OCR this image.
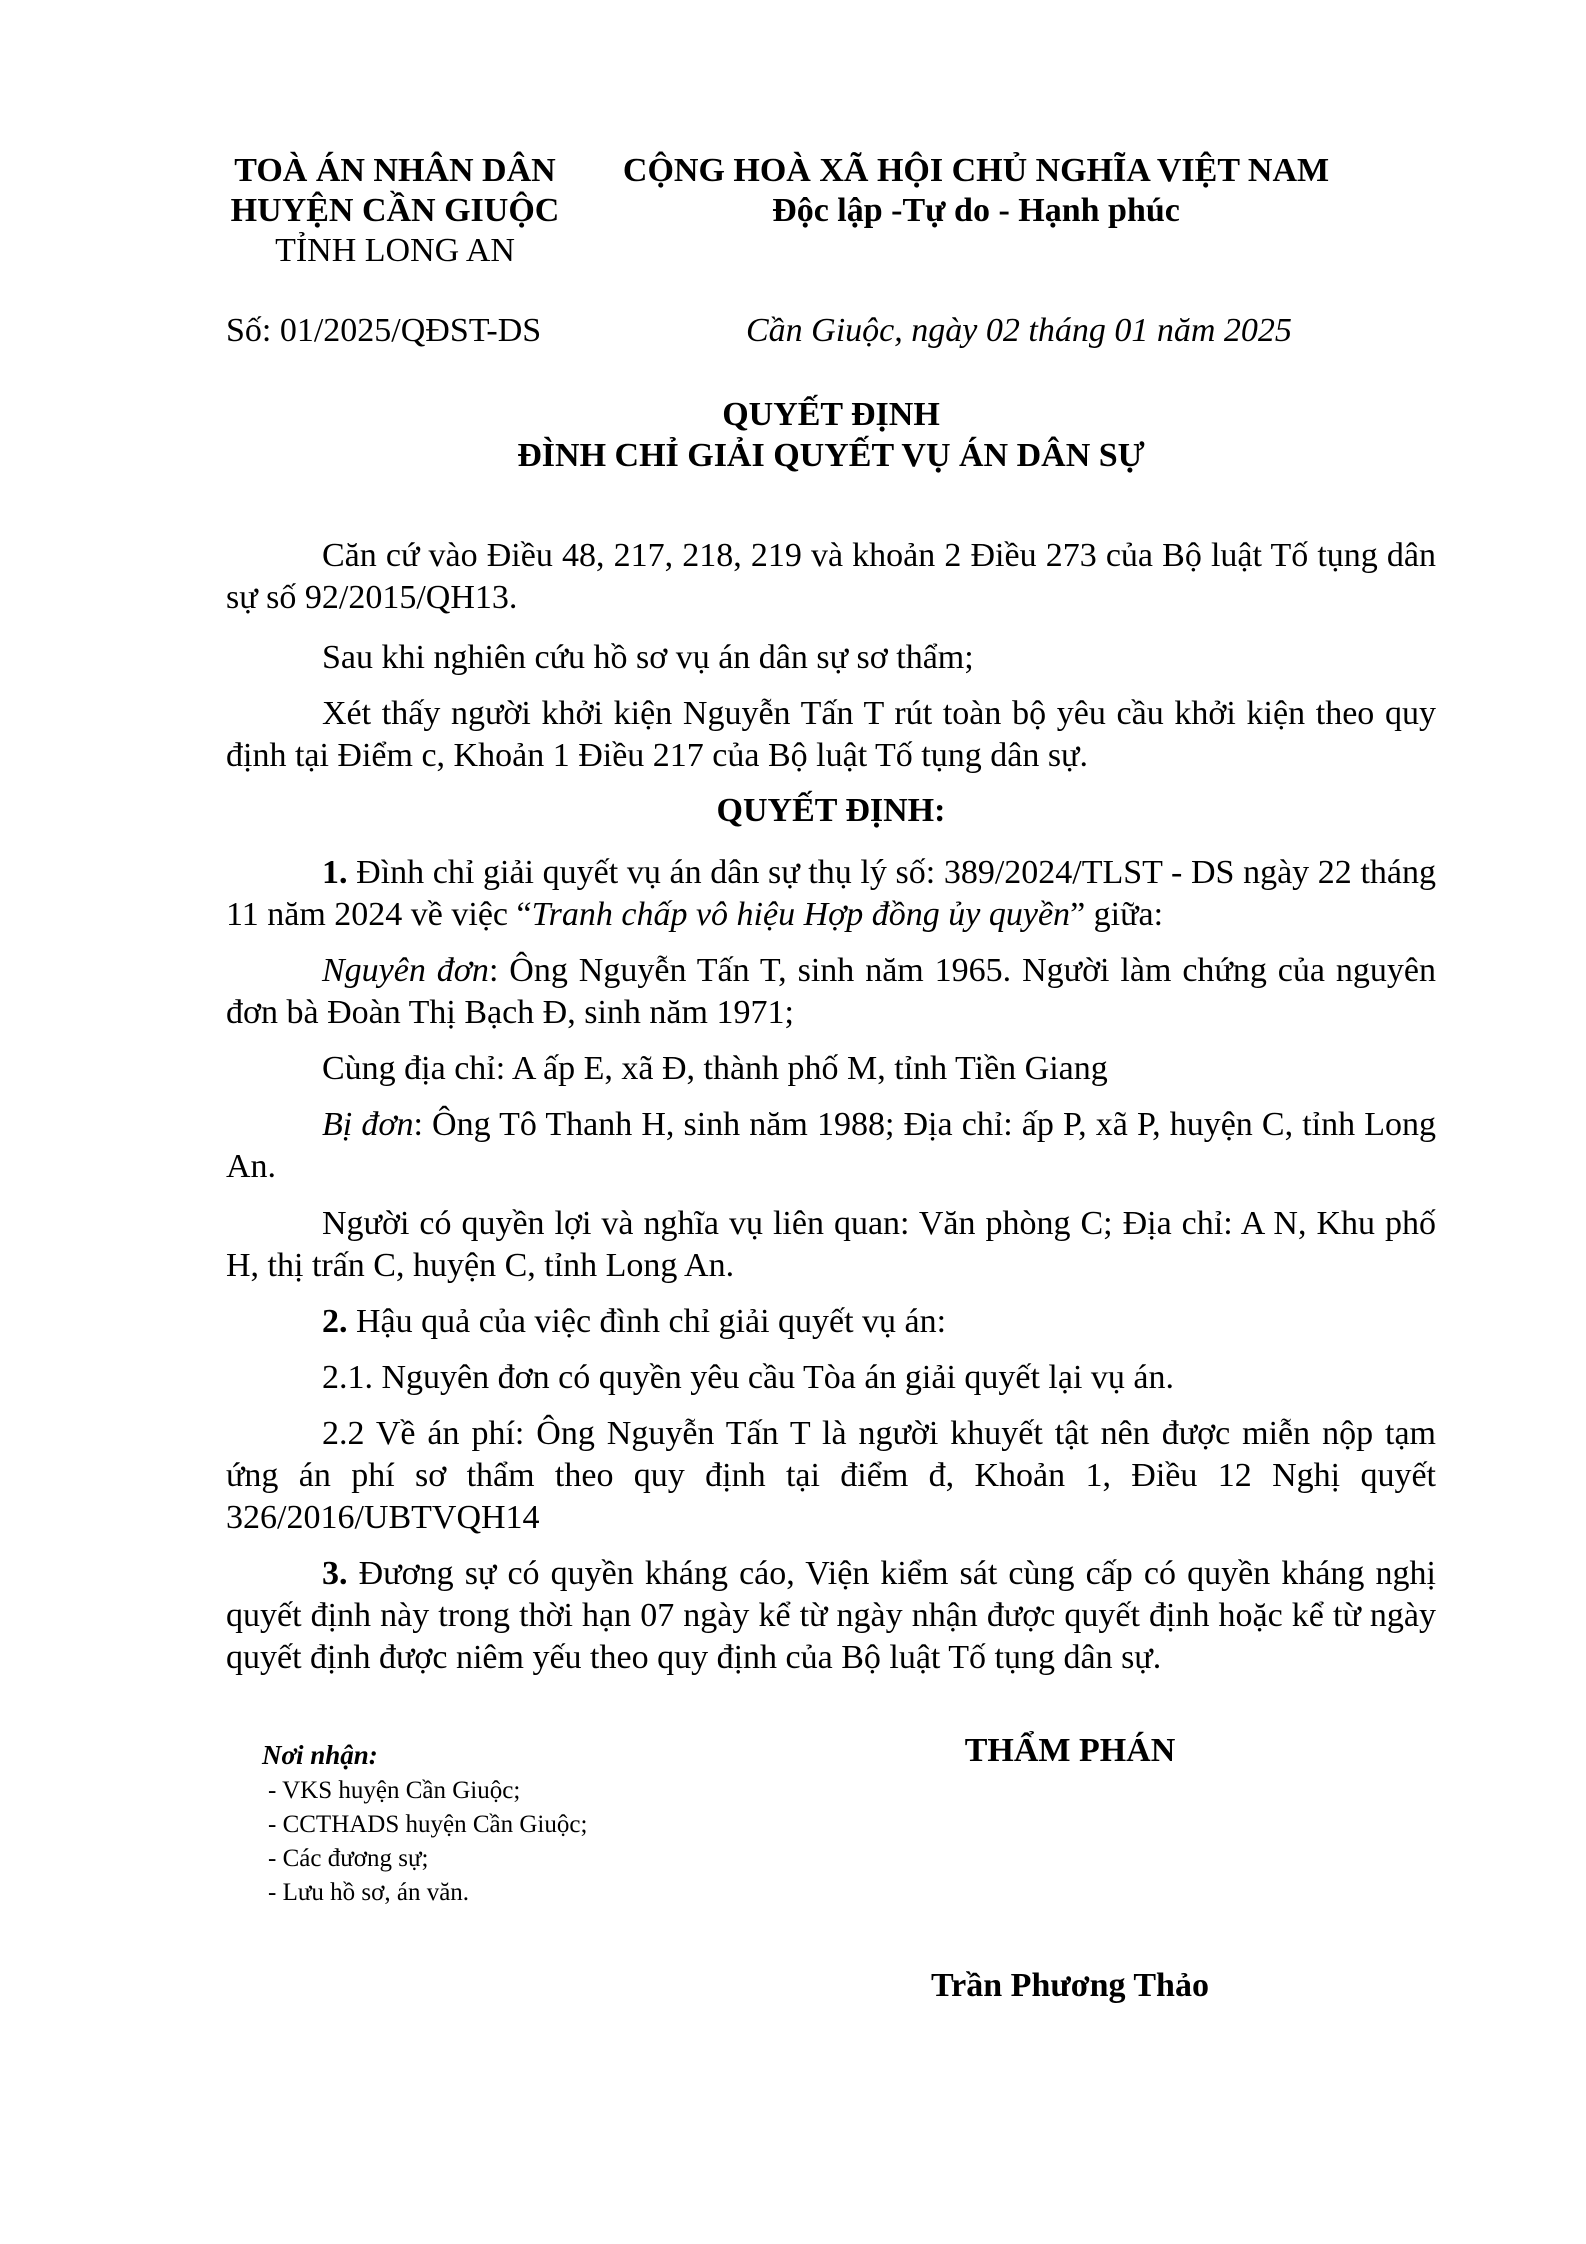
TOÀ ÁN NHÂN DÂN
HUYỆN CẦN GIUỘC
TỈNH LONG AN
CỘNG HOÀ XÃ HỘI CHỦ NGHĨA VIỆT NAM
Độc lập -Tự do - Hạnh phúc
Số: 01/2025/QĐST-DS	Cần Giuộc, ngày 02 tháng 01 năm 2025
QUYẾT ĐỊNH
ĐÌNH CHỈ GIẢI QUYẾT VỤ ÁN DÂN SỰ

Căn cứ vào Điều 48, 217, 218, 219 và khoản 2 Điều 273 của Bộ luật Tố tụng dân sự số 92/2015/QH13.

Sau khi nghiên cứu hồ sơ vụ án dân sự sơ thẩm;

Xét thấy người khởi kiện Nguyễn Tấn T rút toàn bộ yêu cầu khởi kiện theo quy định tại Điểm c, Khoản 1 Điều 217 của Bộ luật Tố tụng dân sự.

QUYẾT ĐỊNH:

1. Đình chỉ giải quyết vụ án dân sự thụ lý số: 389/2024/TLST - DS ngày 22 tháng 11 năm 2024 về việc “Tranh chấp vô hiệu Hợp đồng ủy quyền” giữa:

Nguyên đơn: Ông Nguyễn Tấn T, sinh năm 1965. Người làm chứng của nguyên đơn bà Đoàn Thị Bạch Đ, sinh năm 1971;

Cùng địa chỉ: A ấp E, xã Đ, thành phố M, tỉnh Tiền Giang

Bị đơn: Ông Tô Thanh H, sinh năm 1988; Địa chỉ: ấp P, xã P, huyện C, tỉnh Long An.

Người có quyền lợi và nghĩa vụ liên quan: Văn phòng C; Địa chỉ: A N, Khu phố H, thị trấn C, huyện C, tỉnh Long An.

2. Hậu quả của việc đình chỉ giải quyết vụ án:

2.1. Nguyên đơn có quyền yêu cầu Tòa án giải quyết lại vụ án.

2.2 Về án phí: Ông Nguyễn Tấn T là người khuyết tật nên được miễn nộp tạm ứng án phí sơ thẩm theo quy định tại điểm đ, Khoản 1, Điều 12 Nghị quyết 326/2016/UBTVQH14

3. Đương sự có quyền kháng cáo, Viện kiểm sát cùng cấp có quyền kháng nghị quyết định này trong thời hạn 07 ngày kể từ ngày nhận được quyết định hoặc kể từ ngày quyết định được niêm yếu theo quy định của Bộ luật Tố tụng dân sự.

Nơi nhận:
- VKS huyện Cần Giuộc;
- CCTHADS huyện Cần Giuộc;
- Các đương sự;
- Lưu hồ sơ, án văn.
THẨM PHÁN
Trần Phương Thảo
